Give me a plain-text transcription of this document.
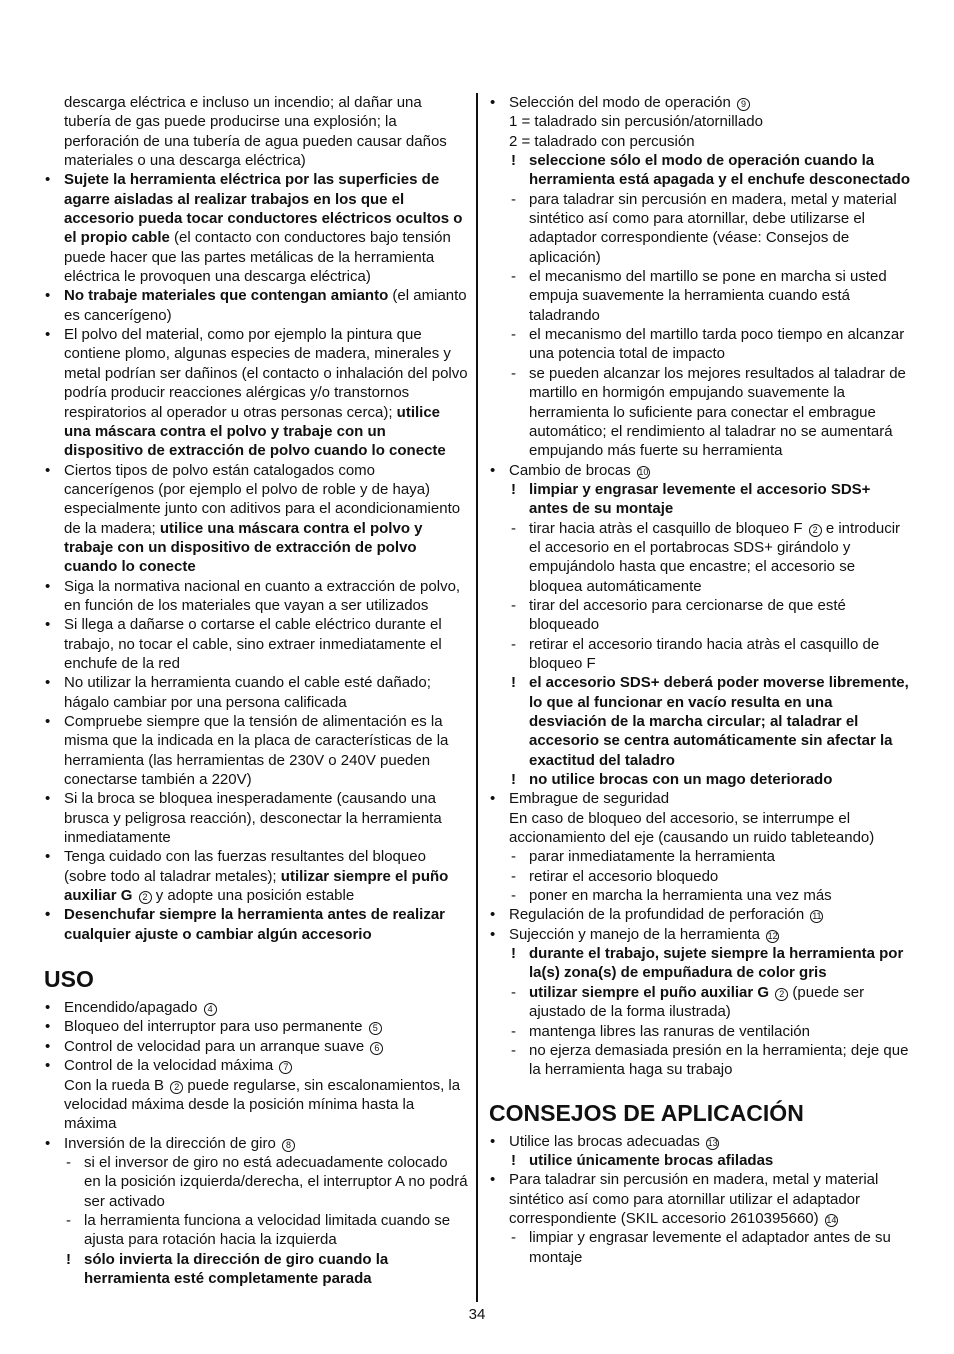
descarga eléctrica e incluso un incendio; al dañar una tubería de gas puede producirse una explosión; la perforación de una tubería de agua pueden causar daños materiales o una descarga eléctrica)
• Sujete la herramienta eléctrica por las superficies de agarre aisladas al realizar trabajos en los que el accesorio pueda tocar conductores eléctricos ocultos o el propio cable (el contacto con conductores bajo tensión puede hacer que las partes metálicas de la herramienta eléctrica le provoquen una descarga eléctrica)
• No trabaje materiales que contengan amianto (el amianto es cancerígeno)
• El polvo del material, como por ejemplo la pintura que contiene plomo, algunas especies de madera, minerales y metal podrían ser dañinos (el contacto o inhalación del polvo podría producir reacciones alérgicas y/o transtornos respiratorios al operador u otras personas cerca); utilice una máscara contra el polvo y trabaje con un dispositivo de extracción de polvo cuando lo conecte
• Ciertos tipos de polvo están catalogados como cancerígenos (por ejemplo el polvo de roble y de haya) especialmente junto con aditivos para el acondicionamiento de la madera; utilice una máscara contra el polvo y trabaje con un dispositivo de extracción de polvo cuando lo conecte
• Siga la normativa nacional en cuanto a extracción de polvo, en función de los materiales que vayan a ser utilizados
• Si llega a dañarse o cortarse el cable eléctrico durante el trabajo, no tocar el cable, sino extraer inmediatamente el enchufe de la red
• No utilizar la herramienta cuando el cable esté dañado; hágalo cambiar por una persona calificada
• Compruebe siempre que la tensión de alimentación es la misma que la indicada en la placa de características de la herramienta (las herramientas de 230V o 240V pueden conectarse también a 220V)
• Si la broca se bloquea inesperadamente (causando una brusca y peligrosa reacción), desconectar la herramienta inmediatamente
• Tenga cuidado con las fuerzas resultantes del bloqueo (sobre todo al taladrar metales); utilizar siempre el puño auxiliar G 2 y adopte una posición estable
• Desenchufar siempre la herramienta antes de realizar cualquier ajuste o cambiar algún accesorio
USO
• Encendido/apagado 4
• Bloqueo del interruptor para uso permanente 5
• Control de velocidad para un arranque suave 6
• Control de la velocidad máxima 7
Con la rueda B 2 puede regularse, sin escalonamientos, la velocidad máxima desde la posición mínima hasta la máxima
• Inversión de la dirección de giro 8
- si el inversor de giro no está adecuadamente colocado en la posición izquierda/derecha, el interruptor A no podrá ser activado
- la herramienta funciona a velocidad limitada cuando se ajusta para rotación hacia la izquierda
! sólo invierta la dirección de giro cuando la herramienta esté completamente parada
• Selección del modo de operación 9
1 = taladrado sin percusión/atornillado
2 = taladrado con percusión
! seleccione sólo el modo de operación cuando la herramienta está apagada y el enchufe desconectado
- para taladrar sin percusión en madera, metal y material sintético así como para atornillar, debe utilizarse el adaptador correspondiente (véase: Consejos de aplicación)
- el mecanismo del martillo se pone en marcha si usted empuja suavemente la herramienta cuando está taladrando
- el mecanismo del martillo tarda poco tiempo en alcanzar una potencia total de impacto
- se pueden alcanzar los mejores resultados al taladrar de martillo en hormigón empujando suavemente la herramienta lo suficiente para conectar el embrague automático; el rendimiento al taladrar no se aumentará empujando más fuerte su herramienta
• Cambio de brocas 10
! limpiar y engrasar levemente el accesorio SDS+ antes de su montaje
- tirar hacia atràs el casquillo de bloqueo F 2 e introducir el accesorio en el portabrocas SDS+ girándolo y empujándolo hasta que encastre; el accesorio se bloquea automáticamente
- tirar del accesorio para cercionarse de que esté bloqueado
- retirar el accesorio tirando hacia atràs el casquillo de bloqueo F
! el accesorio SDS+ deberá poder moverse libremente, lo que al funcionar en vacío resulta en una desviación de la marcha circular; al taladrar el accesorio se centra automáticamente sin afectar la exactitud del taladro
! no utilice brocas con un mago deteriorado
• Embrague de seguridad
En caso de bloqueo del accesorio, se interrumpe el accionamiento del eje (causando un ruido tableteando)
- parar inmediatamente la herramienta
- retirar el accesorio bloquedo
- poner en marcha la herramienta una vez más
• Regulación de la profundidad de perforación 11
• Sujección y manejo de la herramienta 12
! durante el trabajo, sujete siempre la herramienta por la(s) zona(s) de empuñadura de color gris
- utilizar siempre el puño auxiliar G 2 (puede ser ajustado de la forma ilustrada)
- mantenga libres las ranuras de ventilación
- no ejerza demasiada presión en la herramienta; deje que la herramienta haga su trabajo
CONSEJOS DE APLICACIÓN
• Utilice las brocas adecuadas 13
! utilice únicamente brocas afiladas
• Para taladrar sin percusión en madera, metal y material sintético así como para atornillar utilizar el adaptador correspondiente (SKIL accesorio 2610395660) 14
- limpiar y engrasar levemente el adaptador antes de su montaje
34
